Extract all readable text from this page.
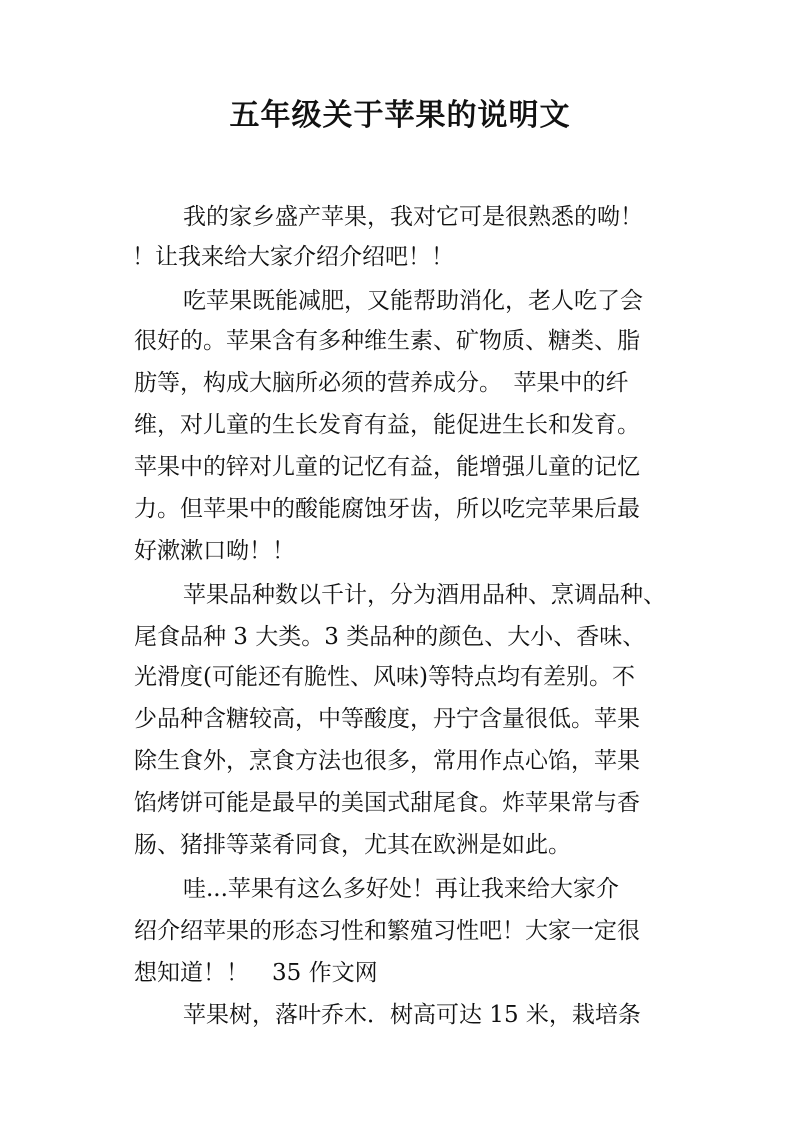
五年级关于苹果的说明文

我的家乡盛产苹果，我对它可是很熟悉的呦！

！让我来给大家介绍介绍吧！！

吃苹果既能减肥，又能帮助消化，老人吃了会

很好的。苹果含有多种维生素、矿物质、糖类、脂

肪等，构成大脑所必须的营养成分。　苹果中的纤

维，对儿童的生长发育有益，能促进生长和发育。

苹果中的锌对儿童的记忆有益，能增强儿童的记忆

力。但苹果中的酸能腐蚀牙齿，所以吃完苹果后最

好漱漱口呦！！

苹果品种数以千计，分为酒用品种、烹调品种、

尾食品种 3 大类。3 类品种的颜色、大小、香味、

光滑度(可能还有脆性、风味)等特点均有差别。不

少品种含糖较高，中等酸度，丹宁含量很低。苹果

除生食外，烹食方法也很多，常用作点心馅，苹果

馅烤饼可能是最早的美国式甜尾食。炸苹果常与香

肠、猪排等菜肴同食，尤其在欧洲是如此。

哇...苹果有这么多好处！再让我来给大家介

绍介绍苹果的形态习性和繁殖习性吧！大家一定很

想知道！！　35 作文网

苹果树，落叶乔木．树高可达 15 米，栽培条
